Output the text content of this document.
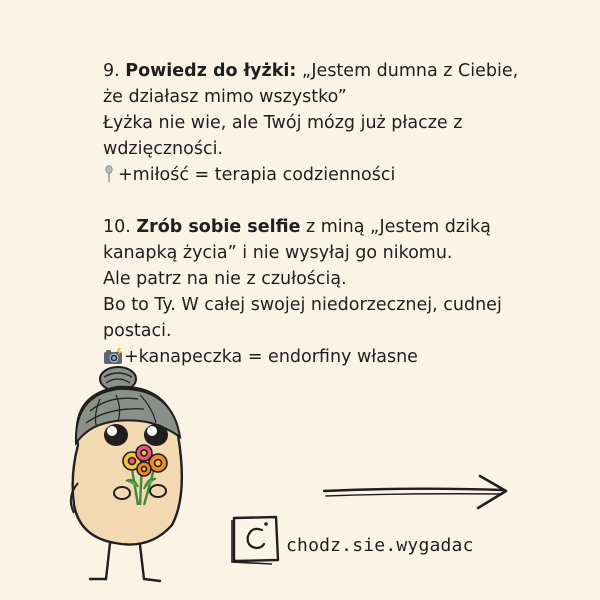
9. Powiedz do łyżki: „Jestem dumna z Ciebie,

że działasz mimo wszystko”

Łyżka nie wie, ale Twój mózg już płacze z

wdzięczności.

+miłość = terapia codzienności

10. Zrób sobie selfie z miną „Jestem dziką

kanapką życia” i nie wysyłaj go nikomu.

Ale patrz na nie z czułością.

Bo to Ty. W całej swojej niedorzecznej, cudnej

postaci.

+kanapeczka = endorfiny własne

chodz.sie.wygadac
